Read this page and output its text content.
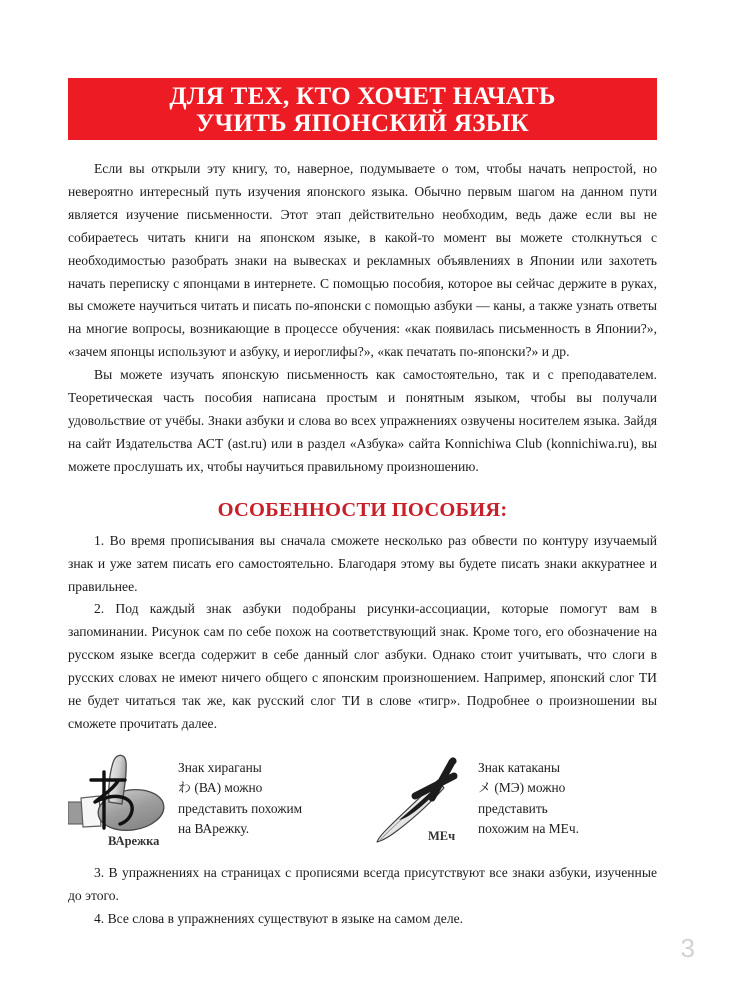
ДЛЯ ТЕХ, КТО ХОЧЕТ НАЧАТЬ
УЧИТЬ ЯПОНСКИЙ ЯЗЫК

Если вы открыли эту книгу, то, наверное, подумываете о том, чтобы начать непростой, но невероятно интересный путь изучения японского языка. Обычно первым шагом на данном пути является изучение письменности. Этот этап действительно необходим, ведь даже если вы не собираетесь читать книги на японском языке, в какой-то момент вы можете столкнуться с необходимостью разобрать знаки на вывесках и рекламных объявлениях в Японии или захотеть начать переписку с японцами в интернете. С помощью пособия, которое вы сейчас держите в руках, вы сможете научиться читать и писать по-японски с помощью азбуки — каны, а также узнать ответы на многие вопросы, возникающие в процессе обучения: «как появилась письменность в Японии?», «зачем японцы используют и азбуку, и иероглифы?», «как печатать по-японски?» и др.

Вы можете изучать японскую письменность как самостоятельно, так и с преподавателем. Теоретическая часть пособия написана простым и понятным языком, чтобы вы получали удовольствие от учёбы. Знаки азбуки и слова во всех упражнениях озвучены носителем языка. Зайдя на сайт Издательства АСТ (ast.ru) или в раздел «Азбука» сайта Konnichiwa Club (konnichiwa.ru), вы можете прослушать их, чтобы научиться правильному произношению.

ОСОБЕННОСТИ ПОСОБИЯ:

1. Во время прописывания вы сначала сможете несколько раз обвести по контуру изучаемый знак и уже затем писать его самостоятельно. Благодаря этому вы будете писать знаки аккуратнее и правильнее.

2. Под каждый знак азбуки подобраны рисунки-ассоциации, которые помогут вам в запоминании. Рисунок сам по себе похож на соответствующий знак. Кроме того, его обозначение на русском языке всегда содержит в себе данный слог азбуки. Однако стоит учитывать, что слоги в русских словах не имеют ничего общего с японским произношением. Например, японский слог ТИ не будет читаться так же, как русский слог ТИ в слове «тигр». Подробнее о произношении вы сможете прочитать далее.

ВАрежка
Знак хираганы
わ (ВА) можно
представить похожим
на ВАрежку.	МЕч
Знак катаканы
メ (МЭ) можно
представить
похожим на МЕч.

3. В упражнениях на страницах с прописями всегда присутствуют все знаки азбуки, изученные до этого.

4. Все слова в упражнениях существуют в языке на самом деле.

3
